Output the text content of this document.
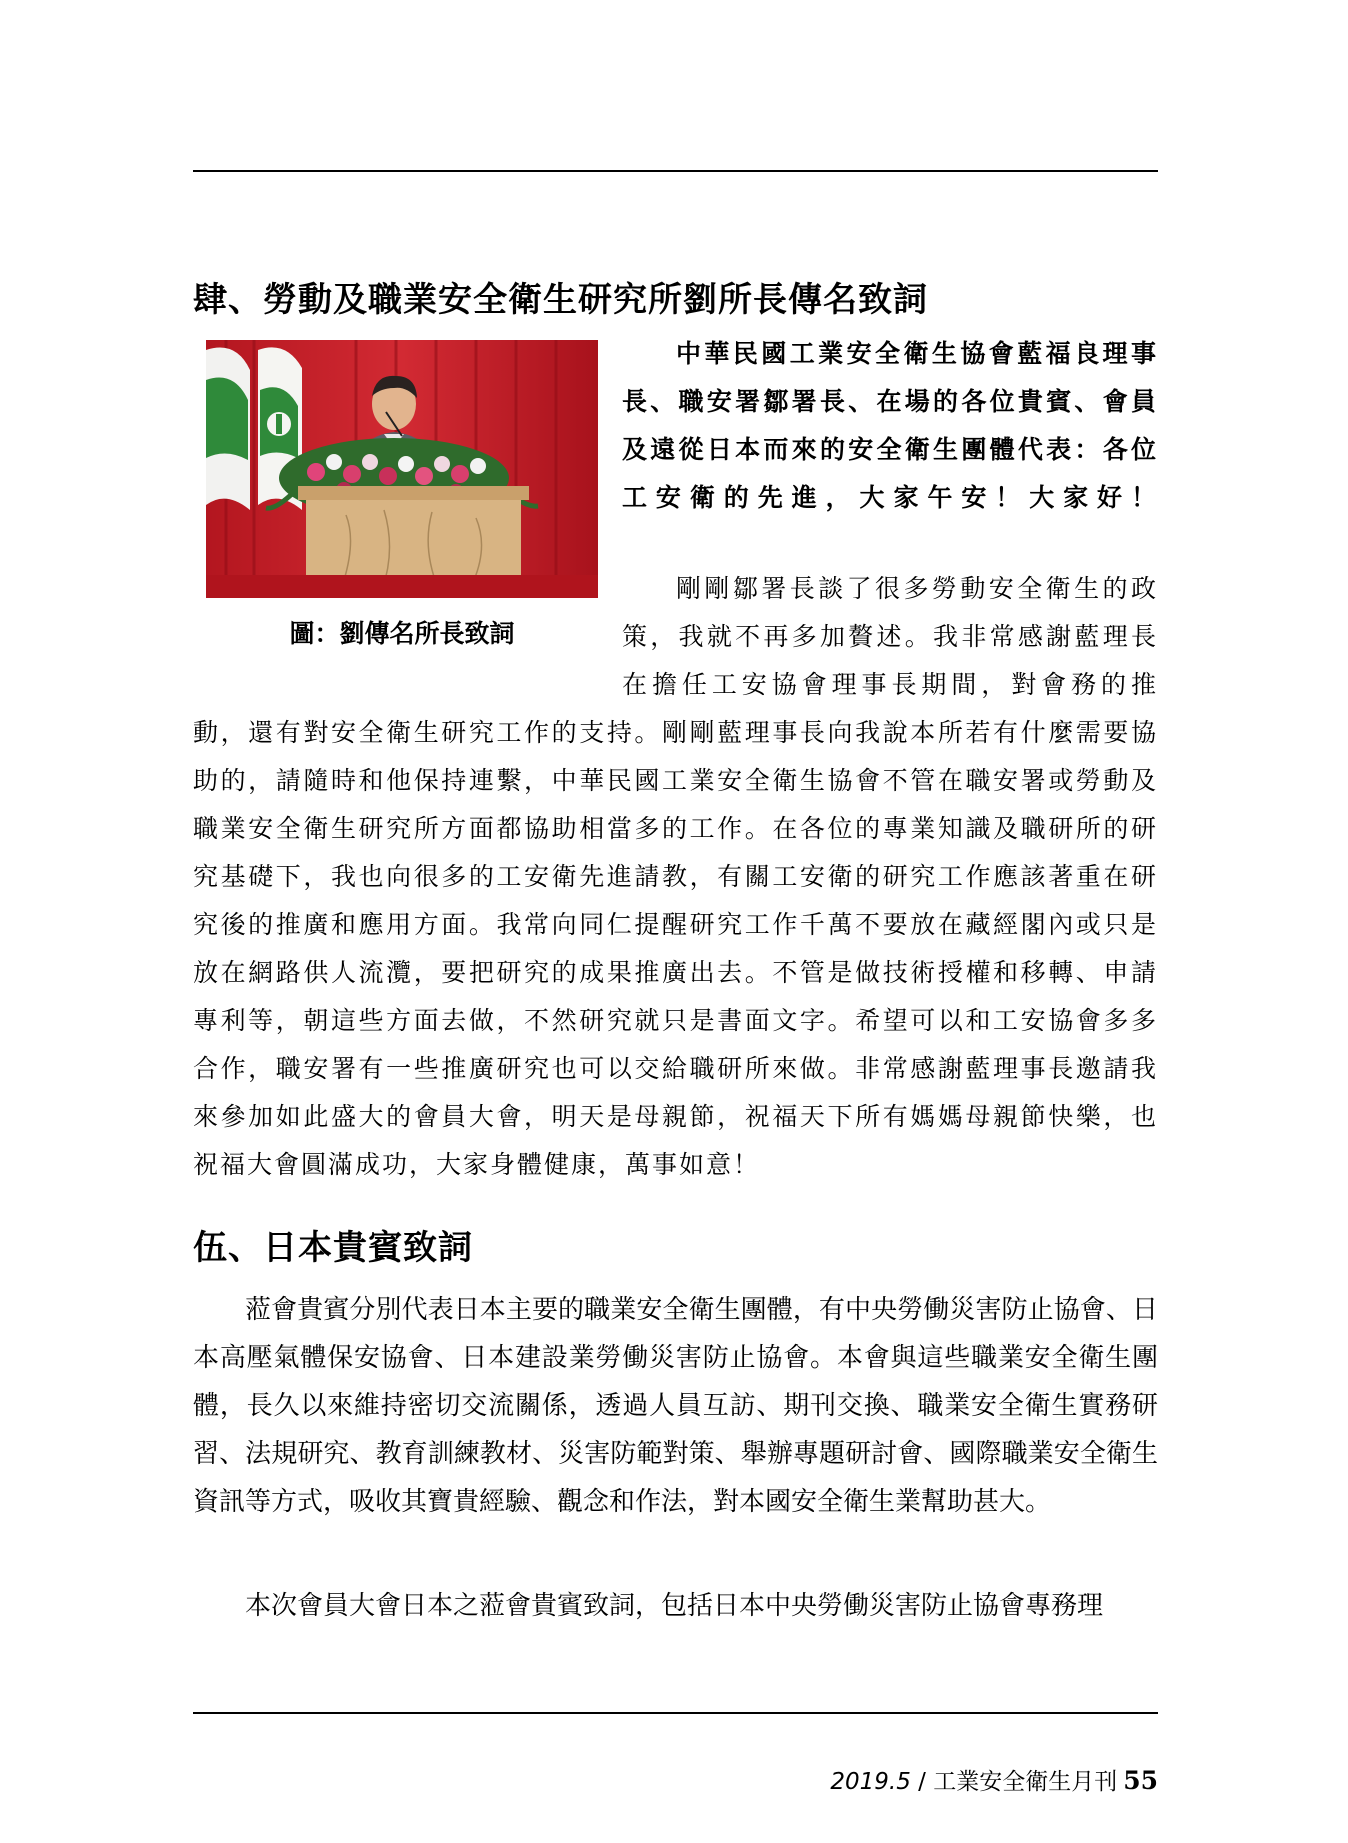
肆、勞動及職業安全衛生研究所劉所長傳名致詞
圖：劉傳名所長致詞
中華民國工業安全衛生協會藍福良理事長、職安署鄒署長、在場的各位貴賓、會員及遠從日本而來的安全衛生團體代表：各位工安衛的先進，大家午安！大家好！
剛剛鄒署長談了很多勞動安全衛生的政策，我就不再多加贅述。我非常感謝藍理長在擔任工安協會理事長期間，對會務的推
動，還有對安全衛生研究工作的支持。剛剛藍理事長向我說本所若有什麼需要協助的，請隨時和他保持連繫，中華民國工業安全衛生協會不管在職安署或勞動及職業安全衛生研究所方面都協助相當多的工作。在各位的專業知識及職研所的研究基礎下，我也向很多的工安衛先進請教，有關工安衛的研究工作應該著重在研究後的推廣和應用方面。我常向同仁提醒研究工作千萬不要放在藏經閣內或只是放在網路供人流灠，要把研究的成果推廣出去。不管是做技術授權和移轉、申請專利等，朝這些方面去做，不然研究就只是書面文字。希望可以和工安協會多多合作，職安署有一些推廣研究也可以交給職研所來做。非常感謝藍理事長邀請我來參加如此盛大的會員大會，明天是母親節，祝福天下所有媽媽母親節快樂，也祝福大會圓滿成功，大家身體健康，萬事如意！
伍、日本貴賓致詞
蒞會貴賓分別代表日本主要的職業安全衛生團體，有中央勞働災害防止協會、日本高壓氣體保安協會、日本建設業勞働災害防止協會。本會與這些職業安全衛生團體，長久以來維持密切交流關係，透過人員互訪、期刊交換、職業安全衛生實務研習、法規研究、教育訓練教材、災害防範對策、舉辦專題研討會、國際職業安全衛生資訊等方式，吸收其寶貴經驗、觀念和作法，對本國安全衛生業幫助甚大。
本次會員大會日本之蒞會貴賓致詞，包括日本中央勞働災害防止協會專務理
2019.5 / 工業安全衛生月刊 55
